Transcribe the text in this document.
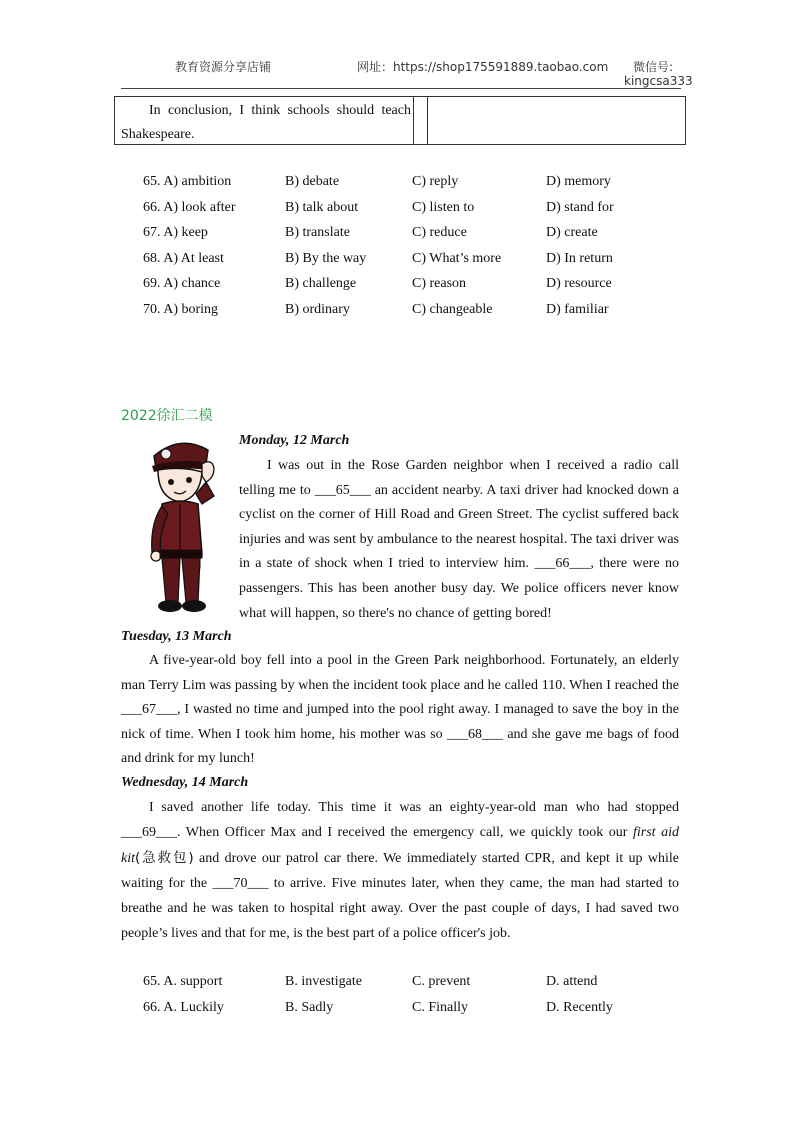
教育资源分享店铺	网址：https://shop175591889.taobao.com 微信号:
kingcsa333
In conclusion, I think schools should teach Shakespeare.
65. A) ambition	B) debate	C) reply	D) memory
66. A) look after	B) talk about	C) listen to	D) stand for
67. A) keep	B) translate	C) reduce	D) create
68. A) At least	B) By the way	C) What’s more	D) In return
69. A) chance	B) challenge	C) reason	D) resource
70. A) boring	B) ordinary	C) changeable	D) familiar
2022徐汇二模
Monday, 12 March
I was out in the Rose Garden neighbor when I received a radio call telling me to ___65___ an accident nearby. A taxi driver had knocked down a cyclist on the corner of Hill Road and Green Street. The cyclist suffered back injuries and was sent by ambulance to the nearest hospital. The taxi driver was in a state of shock when I tried to interview him. ___66___, there were no passengers. This has been another busy day. We police officers never know what will happen, so there's no chance of getting bored!
Tuesday, 13 March
A five-year-old boy fell into a pool in the Green Park neighborhood. Fortunately, an elderly man Terry Lim was passing by when the incident took place and he called 110. When I reached the ___67___, I wasted no time and jumped into the pool right away. I managed to save the boy in the nick of time. When I took him home, his mother was so ___68___ and she gave me bags of food and drink for my lunch!
Wednesday, 14 March
I saved another life today. This time it was an eighty-year-old man who had stopped ___69___. When Officer Max and I received the emergency call, we quickly took our first aid kit(急救包) and drove our patrol car there. We immediately started CPR, and kept it up while waiting for the ___70___ to arrive. Five minutes later, when they came, the man had started to breathe and he was taken to hospital right away. Over the past couple of days, I had saved two people’s lives and that for me, is the best part of a police officer's job.
65. A. support	B. investigate	C. prevent	D. attend
66. A. Luckily	B. Sadly	C. Finally	D. Recently
